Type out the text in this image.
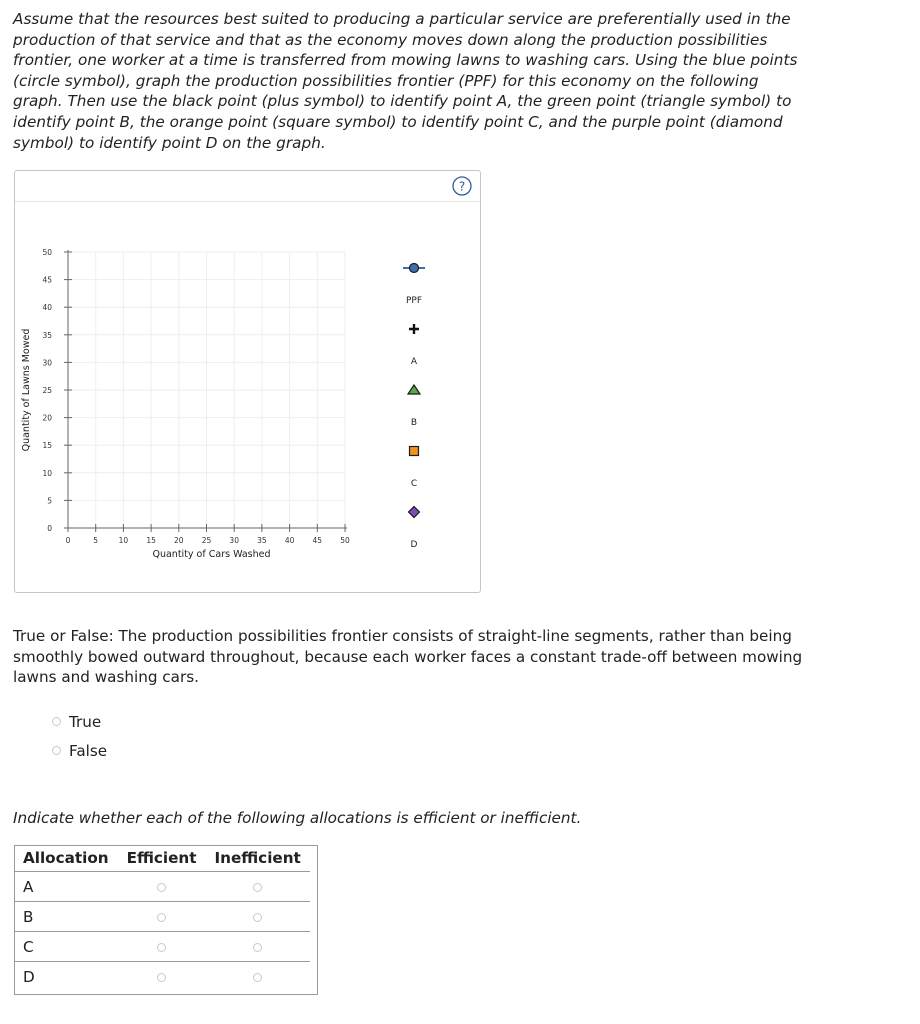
Assume that the resources best suited to producing a particular service are preferentially used in the production of that service and that as the economy moves down along the production possibilities frontier, one worker at a time is transferred from mowing lawns to washing cars. Using the blue points (circle symbol), graph the production possibilities frontier (PPF) for this economy on the following graph. Then use the black point (plus symbol) to identify point A, the green point (triangle symbol) to identify point B, the orange point (square symbol) to identify point C, and the purple point (diamond symbol) to identify point D on the graph.
?
0	5	10 15 20 25 30 35 40 45 50
0
5
10
15
20
25
30
35
40
45
50
Quantity of Cars Washed
Quantity of Lawns Mowed
PPF
A
B
C
D
True or False: The production possibilities frontier consists of straight-line segments, rather than being smoothly bowed outward throughout, because each worker faces a constant trade-off between mowing lawns and washing cars.
True
False
Indicate whether each of the following allocations is efficient or inefficient.
Allocation	Efficient	Inefficient
A		
B		
C		
D		
